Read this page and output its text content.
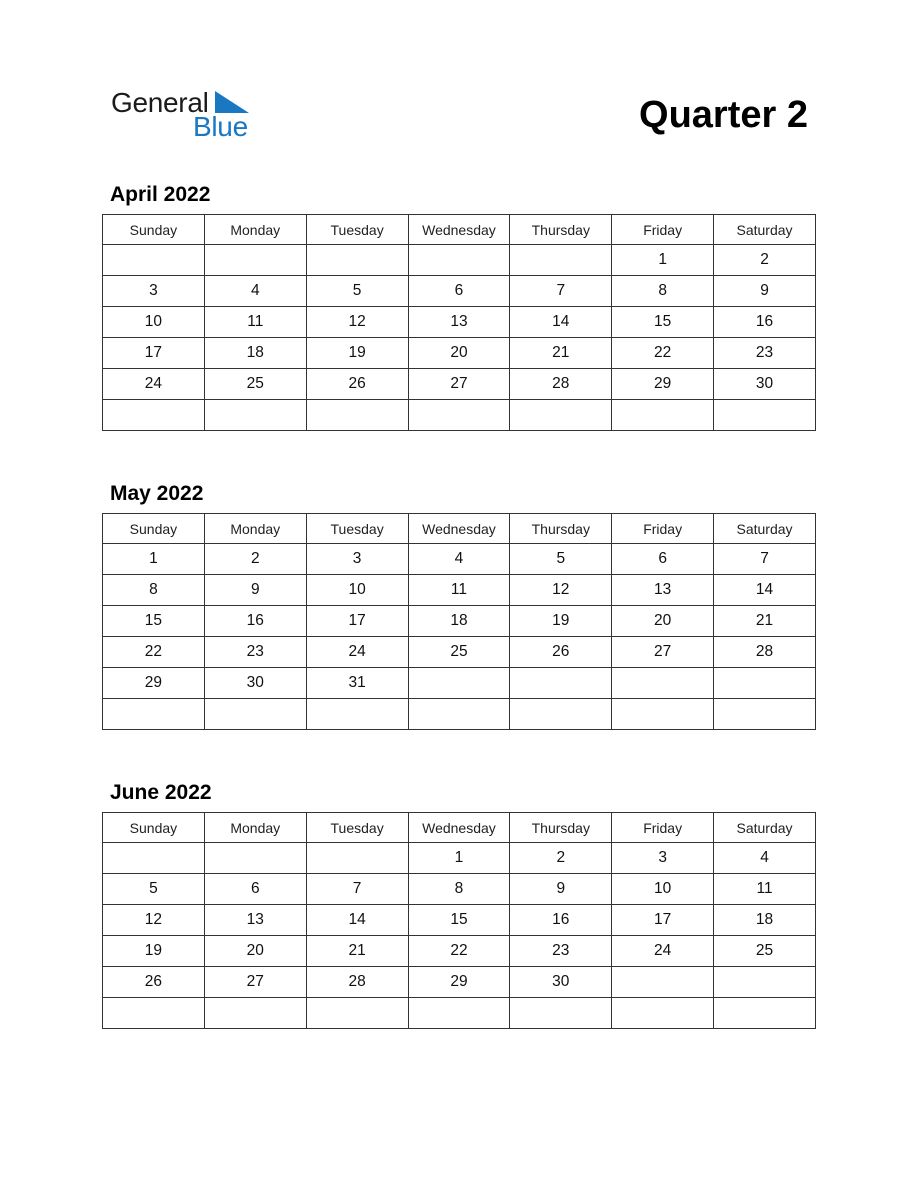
General
Blue	Quarter 2
April 2022
Sunday	Monday	Tuesday	Wednesday	Thursday	Friday	Saturday
					1	2
3	4	5	6	7	8	9
10	11	12	13	14	15	16
17	18	19	20	21	22	23
24	25	26	27	28	29	30

May 2022
Sunday	Monday	Tuesday	Wednesday	Thursday	Friday	Saturday
1	2	3	4	5	6	7
8	9	10	11	12	13	14
15	16	17	18	19	20	21
22	23	24	25	26	27	28
29	30	31				

June 2022
Sunday	Monday	Tuesday	Wednesday	Thursday	Friday	Saturday
			1	2	3	4
5	6	7	8	9	10	11
12	13	14	15	16	17	18
19	20	21	22	23	24	25
26	27	28	29	30		
